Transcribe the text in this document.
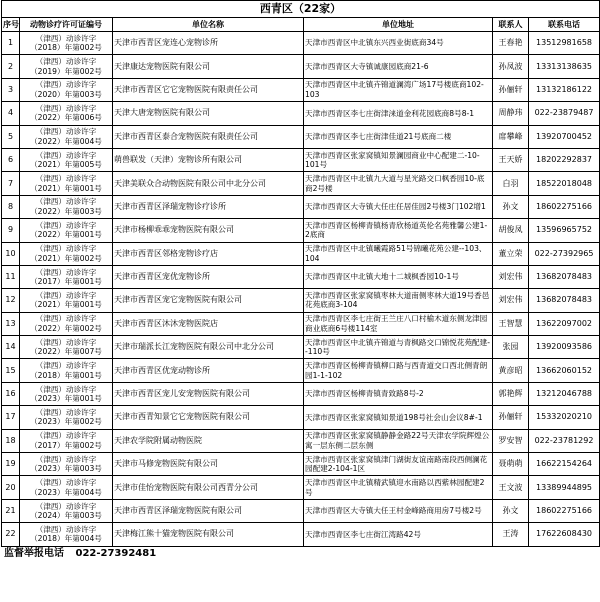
西青区（22家）					
序号	动物诊疗许可证编号	单位名称	单位地址	联系人	联系电话
1	（津西）动诊许字（2018）年第002号	天津市西青区宠连心宠物诊所	天津市西青区中北镇东兴西业街底商34号	王春艳	13512981658
2	（津西）动诊许字（2019）年第002号	天津康达宠物医院有限公司	天津市西青区大寺镇诚康园底商21-6	孙凤波	13313138635
3	（津西）动诊许字（2020）年第003号	天津市西青区它它宠物医院有限责任公司	天津市西青区中北镇卉锦道澜湾广场17号楼底商102-103	孙俪轩	13132186122
4	（津西）动诊许字（2022）年第006号	天津大唐宠物医院有限公司	天津市西青区李七庄街津涞道金利花园底商8号8-1	周静玮	022-23879487
5	（津西）动诊许字（2022）年第004号	天津市西青区泰合宠物医院有限责任公司	天津市西青区李七庄街津佳道21号底商二楼	席攀峰	13920700452
6	（津西）动诊许字（2021）年第005号	萌兽联发（天津）宠物诊所有限公司	天津市西青区张家窝镇知景澜园商业中心配建二-10-101号	王天娇	18202292837
7	（津西）动诊许字（2021）年第001号	天津美联众合动物医院有限公司中北分公司	天津市西青区中北镇九大道与星光路交口枫香园10-底商2号楼	白羽	18522018048
8	（津西）动诊许字（2022）年第003号	天津市西青区泽瑞宠物诊疗诊所	天津市西青区大寺镇大任庄任居佳园2号楼3门102增1	孙文	18602275166
9	（津西）动诊许字（2022）年第001号	天津市杨柳乖乖宠物医院有限公司	天津市西青区杨柳青镇杨青欣杨道英伦名苑雅馨公建1-2底商	胡俊凤	13596965752
10	（津西）动诊许字（2021）年第002号	天津市西青区邻格宠物诊疗店	天津市西青区中北镇曦霞路51号锦曦花苑公建--103、104	董立荣	022-27392965
11	（津西）动诊许字（2017）年第001号	天津市西青区宠优宠物诊所	天津市西青区中北镇大地十二城枫香园10-1号	刘宏伟	13682078483
12	（津西）动诊许字（2021）年第001号	天津市西青区宠它宠物医院有限公司	天津市西青区张家窝镇枣林大道南侧枣林大道19号香邑花苑底商3-104	刘宏伟	13682078483
13	（津西）动诊许字（2022）年第002号	天津市西青区沐沐宠物医院店	天津市西青区李七庄街王兰庄八口村榆木道东侧龙津园商业底商6号楼114室	王智慧	13622097002
14	（津西）动诊许字（2022）年第007号	天津市瑞派长江宠物医院有限公司中北分公司	天津市西青区中北镇卉锦道与青枫路交口锦悦花苑配建--110号	张园	13920093586
15	（津西）动诊许字（2018）年第001号	天津市西青区优宠动物诊所	天津市西青区杨柳青镇柳口路与西青道交口西北侧青朗园1-1-102	黄彦昭	13662060152
16	（津西）动诊许字（2023）年第001号	天津市西青区宠儿安宠物医院有限公司	天津市西青区杨柳青镇青致路8号-2	郭艳辉	13212046788
17	（津西）动诊许字（2023）年第002号	天津市西青知景它它宠物医院有限公司	天津市西青区张家窝镇知景道198号社会山会议8#-1	孙俪轩	15332020210
18	（津西）动诊许字（2017）年第002号	天津农学院附属动物医院	天津市西青区张家窝镇静静金路22号天津农学院辉煌公寓一层东侧二层东侧	罗安智	022-23781292
19	（津西）动诊许字（2023）年第003号	天津市马修宠物医院有限公司	天津市西青区张家窝镇津门湖街友谊南路南段西侧澜花园配建2-104-1区	聂萌萌	16622154264
20	（津西）动诊许字（2023）年第004号	天津市佳怡宠物医院有限公司西青分公司	天津市西青区中北镇精武镇迎水南路以西紫林园配建2号	王文波	13389944895
21	（津西）动诊许字（2024）年第003号	天津市西青区泽瑞宠物医院有限公司	天津市西青区大寺镇大任王村金峰路商用房7号楼2号	孙文	18602275166
22	（津西）动诊许字（2018）年第004号	天津梅江熊十猫宠物医院有限公司	天津市西青区李七庄街江湾路42号	王涛	17622608430
监督举报电话 022-27392481
